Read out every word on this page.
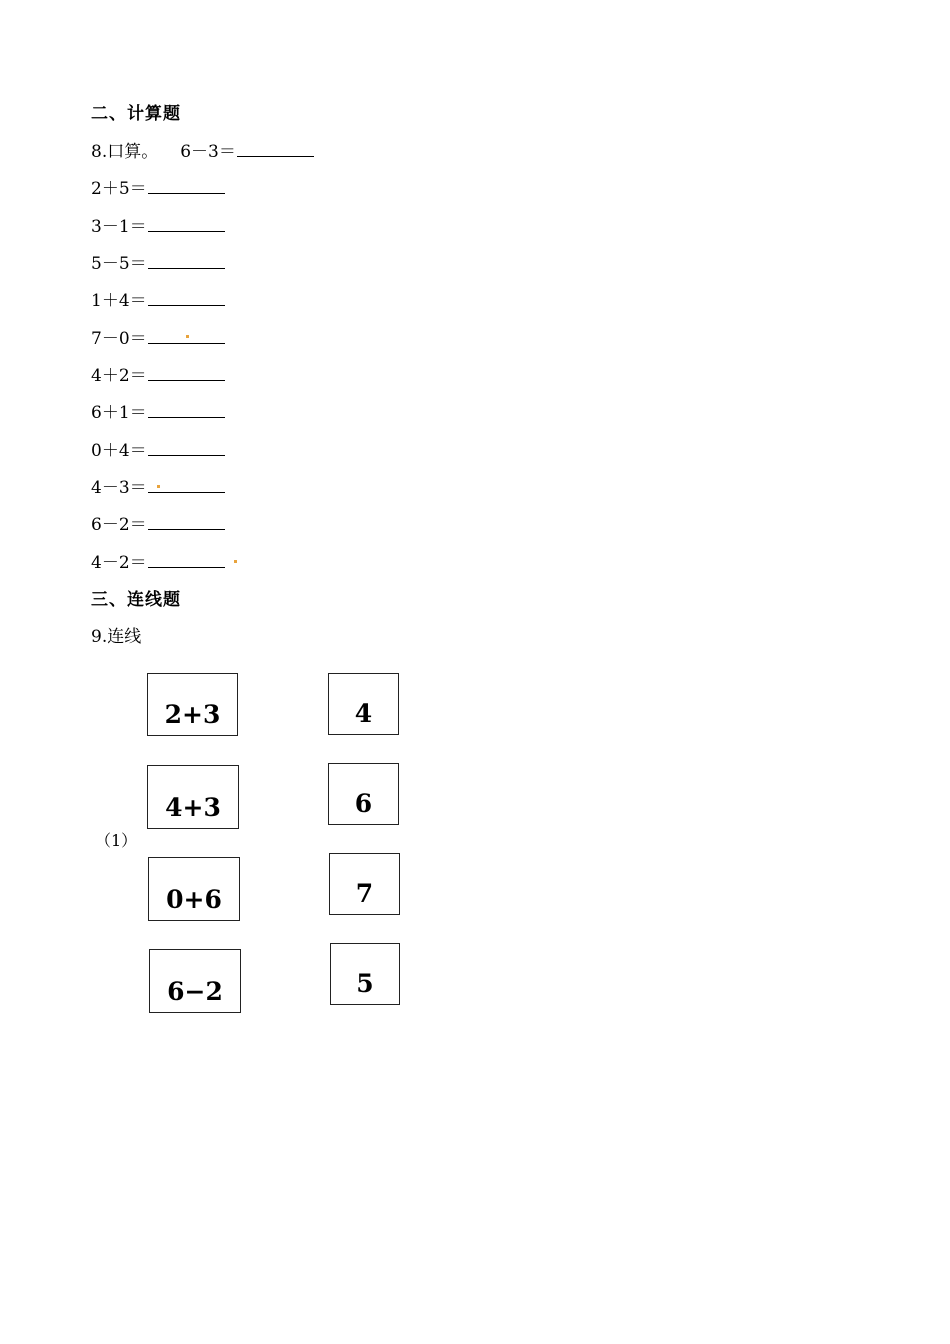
二、计算题
8.口算。 6－3＝
2＋5＝
3－1＝
5－5＝
1＋4＝
7－0＝
4＋2＝
6＋1＝
0＋4＝
4－3＝
6－2＝
4－2＝
三、连线题
9.连线
（1）
2+3
4+3
0+6
6−2
4
6
7
5
